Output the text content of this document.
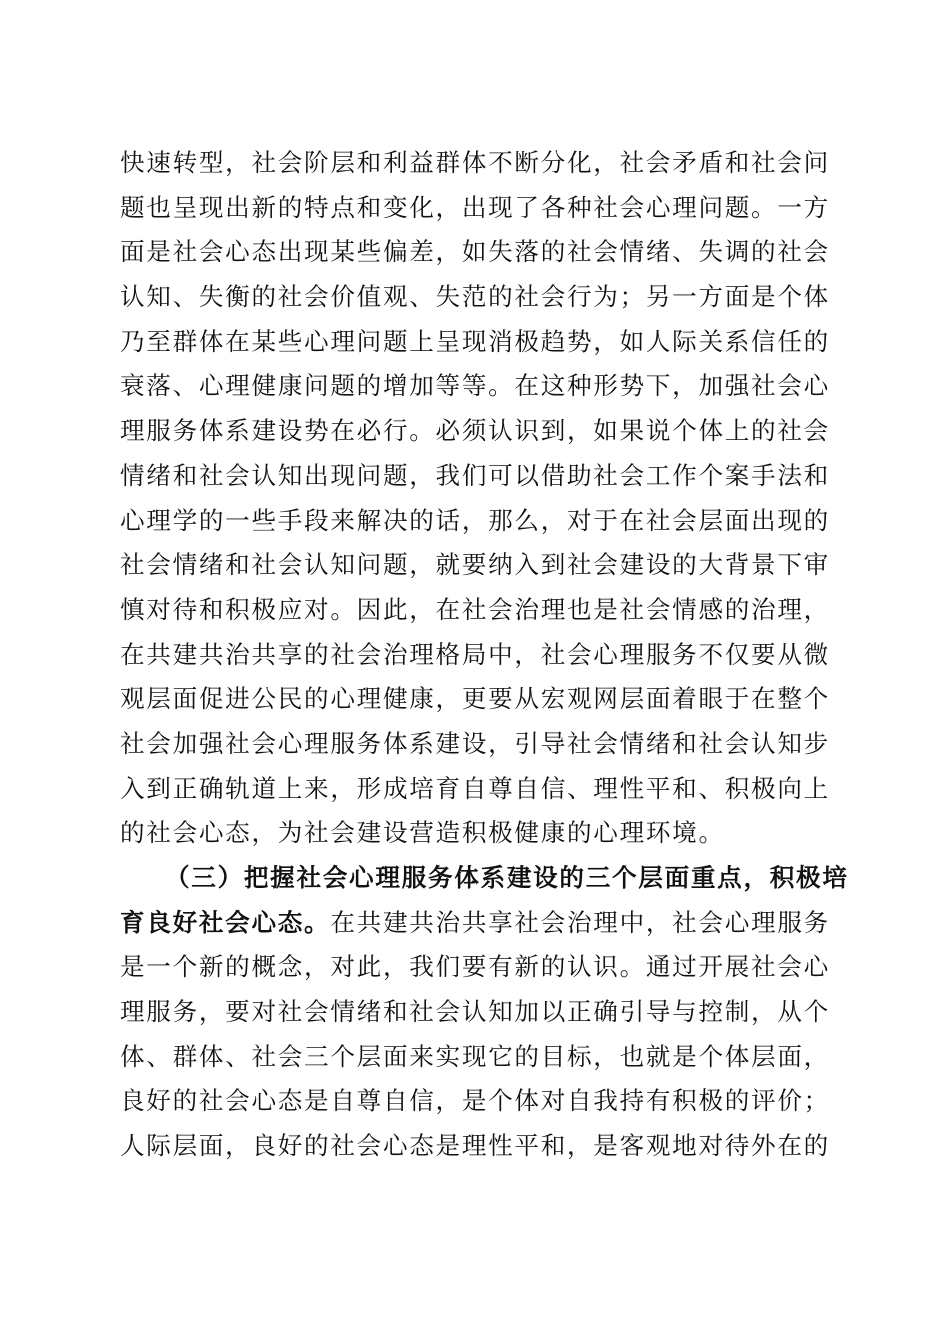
快速转型，社会阶层和利益群体不断分化，社会矛盾和社会问
题也呈现出新的特点和变化，出现了各种社会心理问题。一方
面是社会心态出现某些偏差，如失落的社会情绪、失调的社会
认知、失衡的社会价值观、失范的社会行为；另一方面是个体
乃至群体在某些心理问题上呈现消极趋势，如人际关系信任的
衰落、心理健康问题的增加等等。在这种形势下，加强社会心
理服务体系建设势在必行。必须认识到，如果说个体上的社会
情绪和社会认知出现问题，我们可以借助社会工作个案手法和
心理学的一些手段来解决的话，那么，对于在社会层面出现的
社会情绪和社会认知问题，就要纳入到社会建设的大背景下审
慎对待和积极应对。因此，在社会治理也是社会情感的治理，
在共建共治共享的社会治理格局中，社会心理服务不仅要从微
观层面促进公民的心理健康，更要从宏观网层面着眼于在整个
社会加强社会心理服务体系建设，引导社会情绪和社会认知步
入到正确轨道上来，形成培育自尊自信、理性平和、积极向上
的社会心态，为社会建设营造积极健康的心理环境。
（三）把握社会心理服务体系建设的三个层面重点，积极培
育良好社会心态。在共建共治共享社会治理中，社会心理服务
是一个新的概念，对此，我们要有新的认识。通过开展社会心
理服务，要对社会情绪和社会认知加以正确引导与控制，从个
体、群体、社会三个层面来实现它的目标，也就是个体层面，
良好的社会心态是自尊自信，是个体对自我持有积极的评价；
人际层面，良好的社会心态是理性平和，是客观地对待外在的
